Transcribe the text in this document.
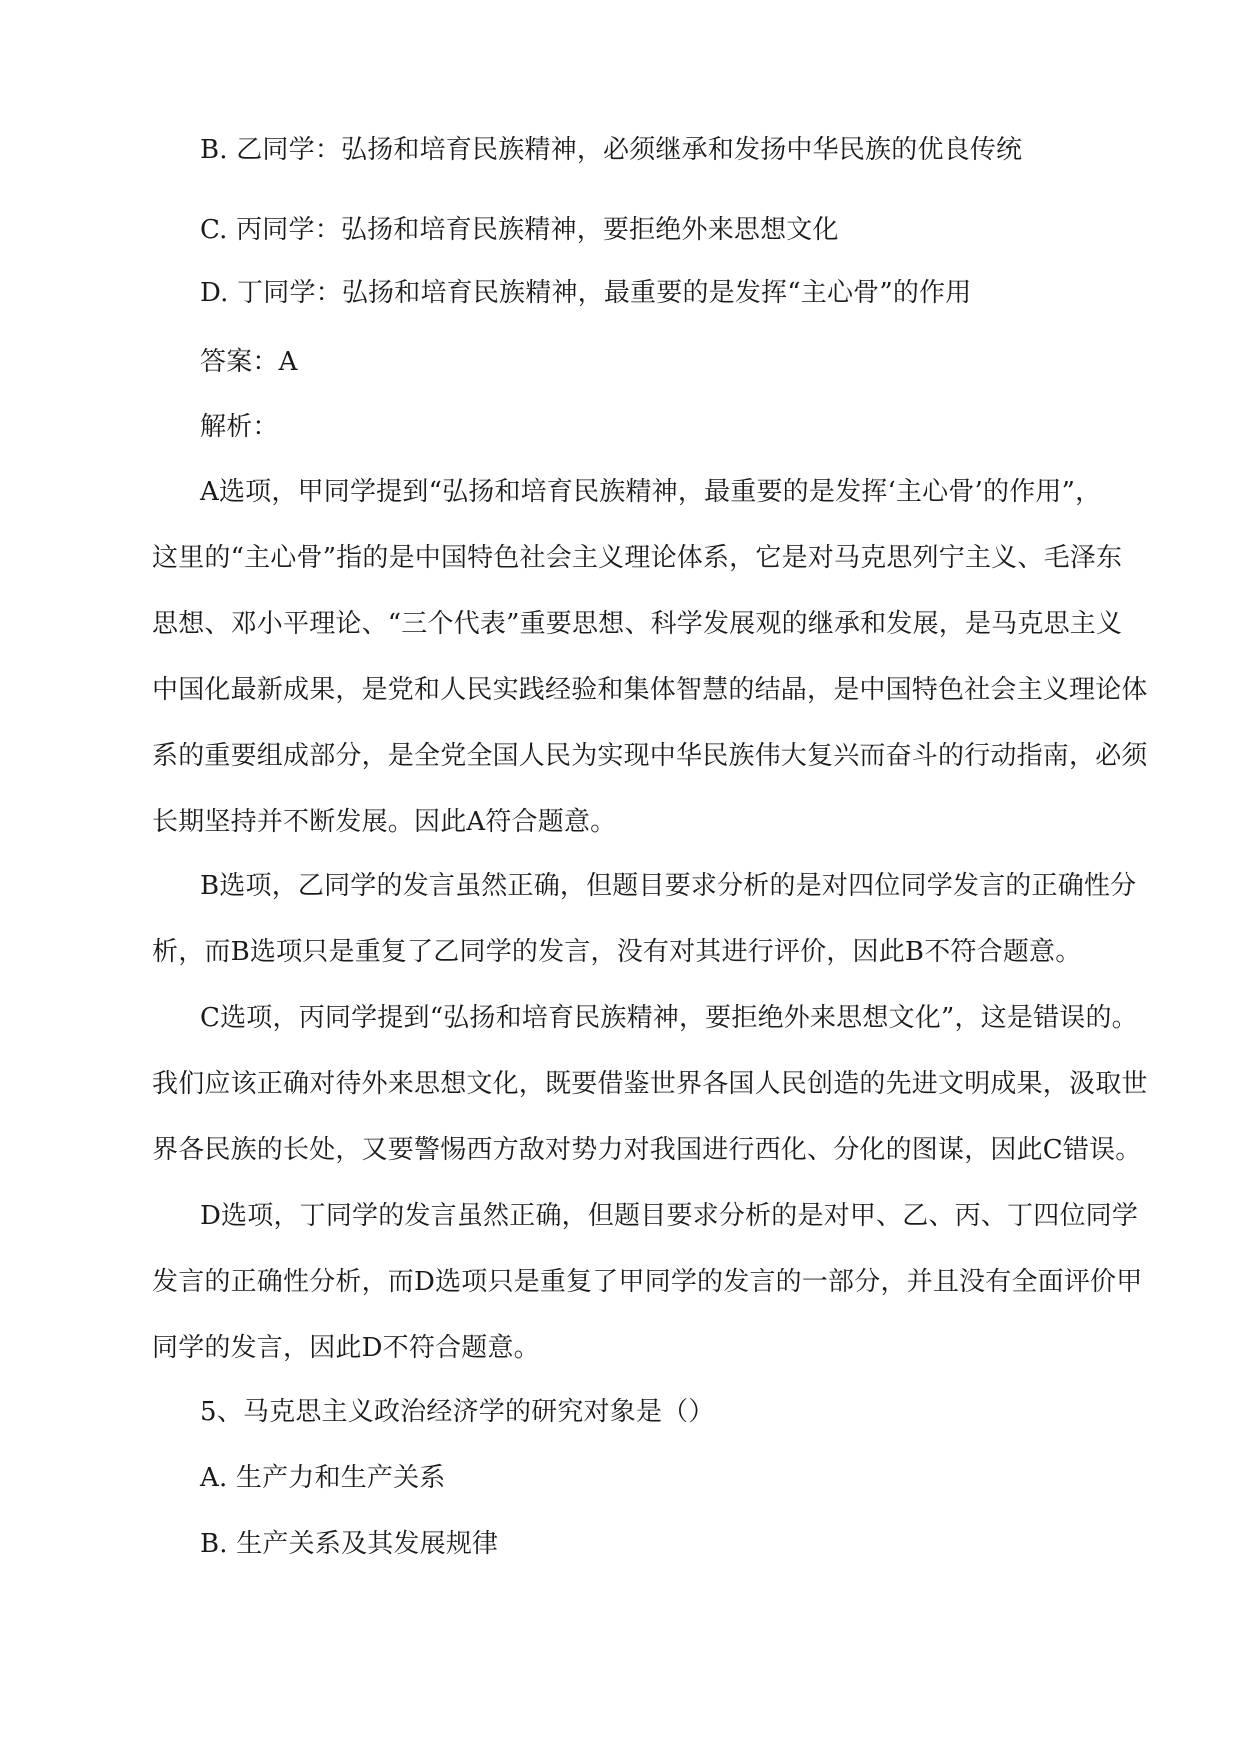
B. 乙同学：弘扬和培育民族精神，必须继承和发扬中华民族的优良传统
C. 丙同学：弘扬和培育民族精神，要拒绝外来思想文化
D. 丁同学：弘扬和培育民族精神，最重要的是发挥“主心骨”的作用
答案：A
解析：
A选项，甲同学提到“弘扬和培育民族精神，最重要的是发挥‘主心骨’的作用”，
这里的“主心骨”指的是中国特色社会主义理论体系，它是对马克思列宁主义、毛泽东
思想、邓小平理论、“三个代表”重要思想、科学发展观的继承和发展，是马克思主义
中国化最新成果，是党和人民实践经验和集体智慧的结晶，是中国特色社会主义理论体
系的重要组成部分，是全党全国人民为实现中华民族伟大复兴而奋斗的行动指南，必须
长期坚持并不断发展。因此A符合题意。
B选项，乙同学的发言虽然正确，但题目要求分析的是对四位同学发言的正确性分
析，而B选项只是重复了乙同学的发言，没有对其进行评价，因此B不符合题意。
C选项，丙同学提到“弘扬和培育民族精神，要拒绝外来思想文化”，这是错误的。
我们应该正确对待外来思想文化，既要借鉴世界各国人民创造的先进文明成果，汲取世
界各民族的长处，又要警惕西方敌对势力对我国进行西化、分化的图谋，因此C错误。
D选项，丁同学的发言虽然正确，但题目要求分析的是对甲、乙、丙、丁四位同学
发言的正确性分析，而D选项只是重复了甲同学的发言的一部分，并且没有全面评价甲
同学的发言，因此D不符合题意。
5、马克思主义政治经济学的研究对象是（）
A. 生产力和生产关系
B. 生产关系及其发展规律
